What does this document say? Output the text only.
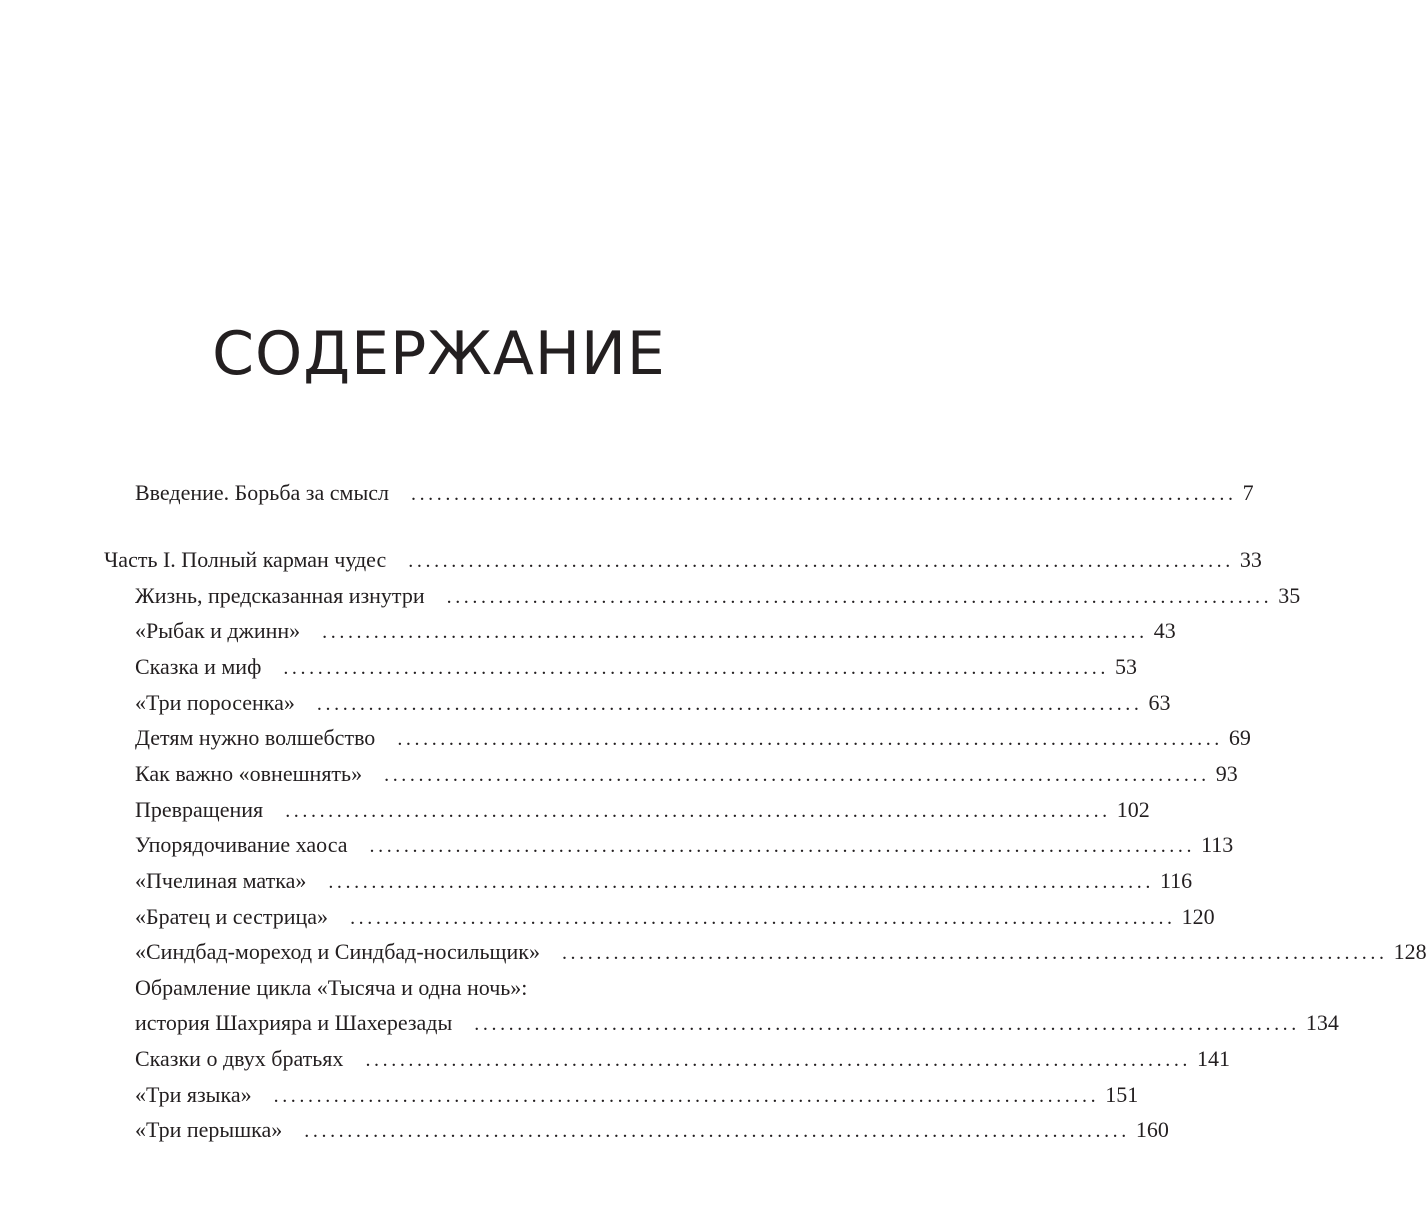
СОДЕРЖАНИЕ
Введение. Борьба за смысл	................................................................................................ 7
Часть I. Полный карман чудес	................................................................................................ 33
Жизнь, предсказанная изнутри	................................................................................................ 35
«Рыбак и джинн»	................................................................................................ 43
Сказка и миф	................................................................................................ 53
«Три поросенка»	................................................................................................ 63
Детям нужно волшебство	................................................................................................ 69
Как важно «овнешнять»	................................................................................................ 93
Превращения	................................................................................................ 102
Упорядочивание хаоса	................................................................................................ 113
«Пчелиная матка»	................................................................................................ 116
«Братец и сестрица»	................................................................................................ 120
«Синдбад-мореход и Синдбад-носильщик»	................................................................................................ 128
Обрамление цикла «Тысяча и одна ночь»:
история Шахрияра и Шахерезады	................................................................................................ 134
Сказки о двух братьях	................................................................................................ 141
«Три языка»	................................................................................................ 151
«Три перышка»	................................................................................................ 160
